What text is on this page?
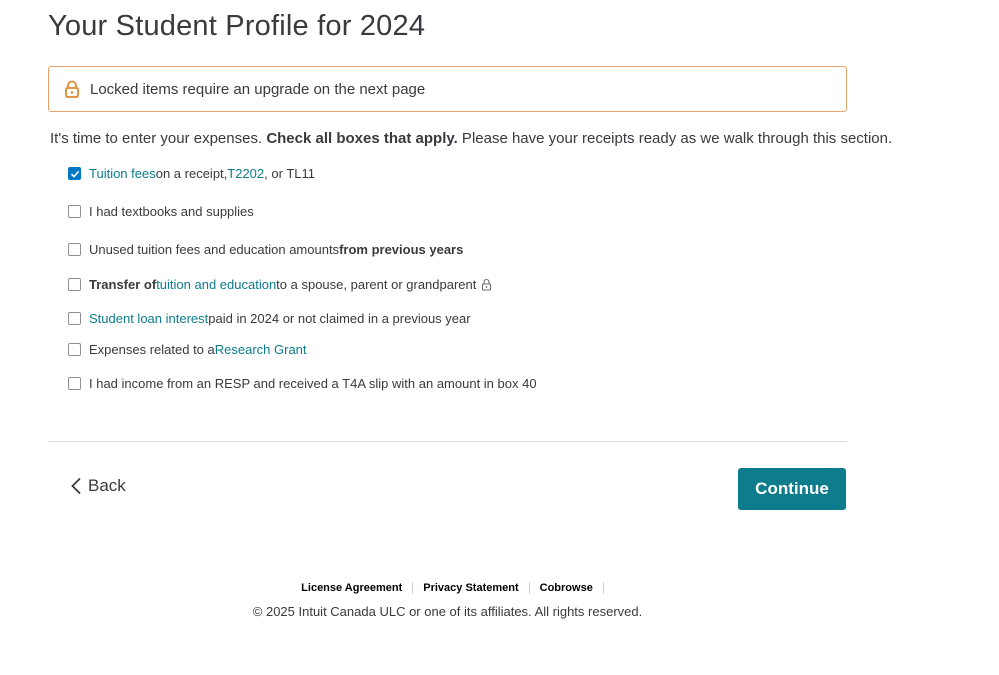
Your Student Profile for 2024
Locked items require an upgrade on the next page
It's time to enter your expenses. Check all boxes that apply. Please have your receipts ready as we walk through this section.
Tuition fees on a receipt, T2202 , or TL11
I had textbooks and supplies
Unused tuition fees and education amounts from previous years
Transfer of tuition and education to a spouse, parent or grandparent
Student loan interest paid in 2024 or not claimed in a previous year
Expenses related to a Research Grant
I had income from an RESP and received a T4A slip with an amount in box 40
Back	Continue
License Agreement	Privacy Statement	Cobrowse
© 2025 Intuit Canada ULC or one of its affiliates. All rights reserved.
